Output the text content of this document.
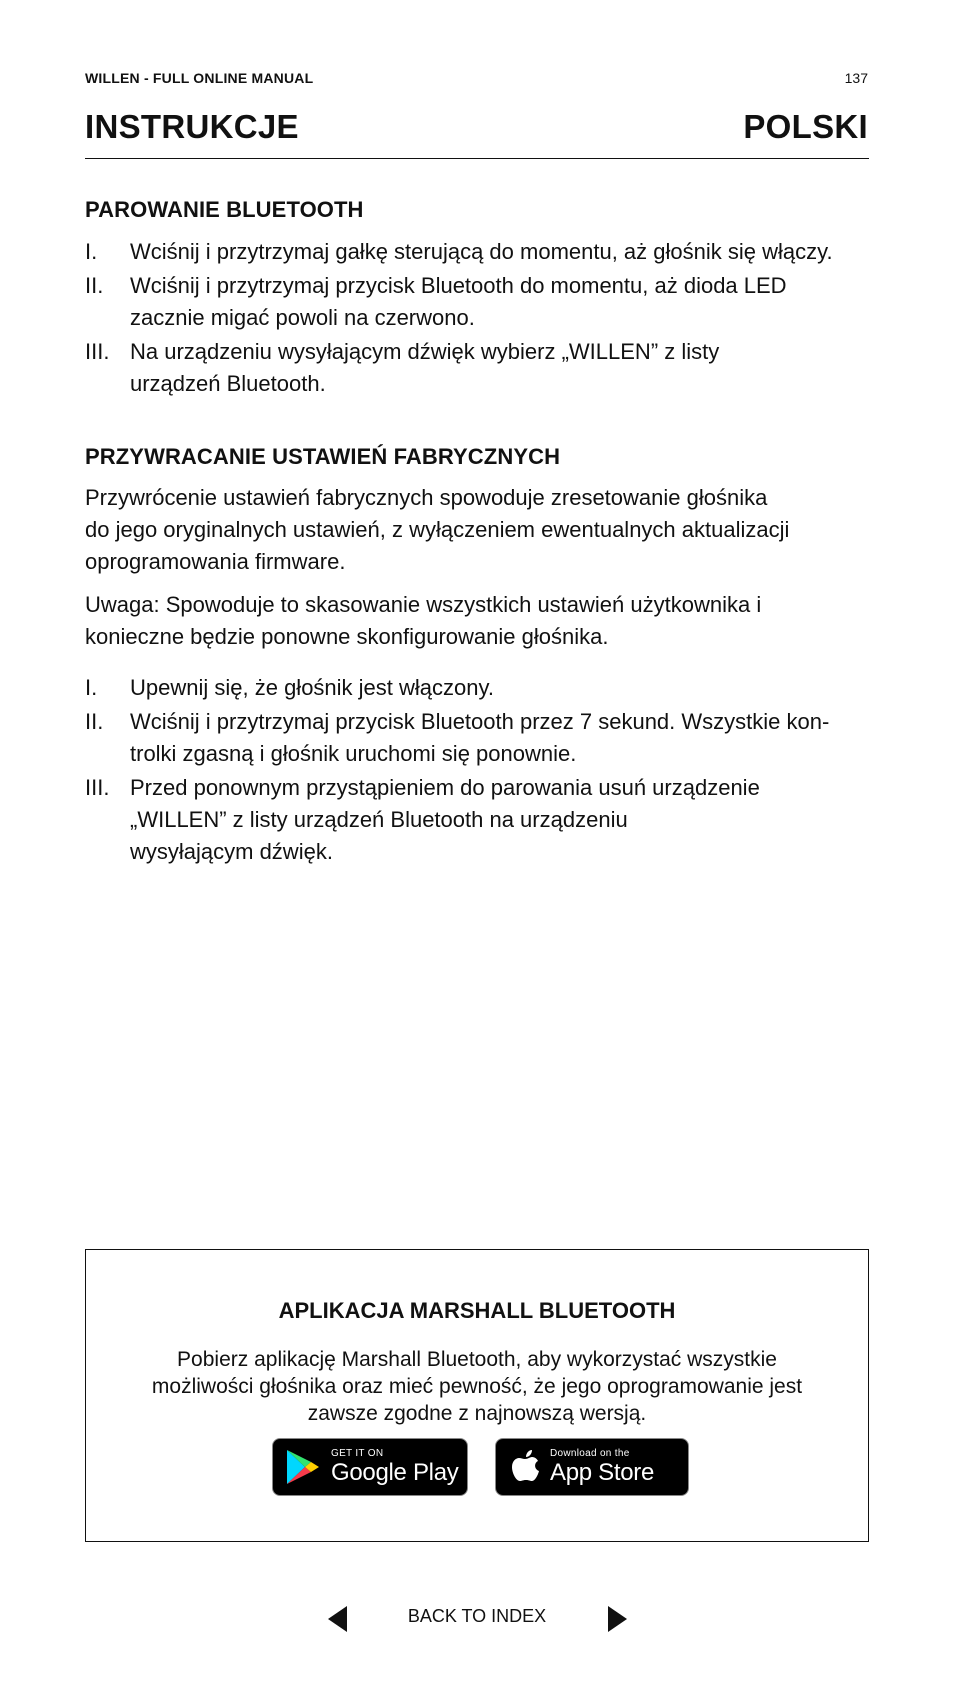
WILLEN - FULL ONLINE MANUAL	137
INSTRUKCJE	POLSKI
PAROWANIE BLUETOOTH
I.	Wciśnij i przytrzymaj gałkę sterującą do momentu, aż głośnik się włączy.
II.	Wciśnij i przytrzymaj przycisk Bluetooth do momentu, aż dioda LED
zacznie migać powoli na czerwono.
III. Na urządzeniu wysyłającym dźwięk wybierz „WILLEN” z listy
urządzeń Bluetooth.
PRZYWRACANIE USTAWIEŃ FABRYCZNYCH
Przywrócenie ustawień fabrycznych spowoduje zresetowanie głośnika
do jego oryginalnych ustawień, z wyłączeniem ewentualnych aktualizacji
oprogramowania firmware.
Uwaga: Spowoduje to skasowanie wszystkich ustawień użytkownika i
konieczne będzie ponowne skonfigurowanie głośnika.
I.	Upewnij się, że głośnik jest włączony.
II.	Wciśnij i przytrzymaj przycisk Bluetooth przez 7 sekund. Wszystkie kon-
trolki zgasną i głośnik uruchomi się ponownie.
III. Przed ponownym przystąpieniem do parowania usuń urządzenie
„WILLEN” z listy urządzeń Bluetooth na urządzeniu
wysyłającym dźwięk.
APLIKACJA MARSHALL BLUETOOTH
Pobierz aplikację Marshall Bluetooth, aby wykorzystać wszystkie
możliwości głośnika oraz mieć pewność, że jego oprogramowanie jest
zawsze zgodne z najnowszą wersją.
GET IT ON
Google Play
Download on the
App Store
BACK TO INDEX
